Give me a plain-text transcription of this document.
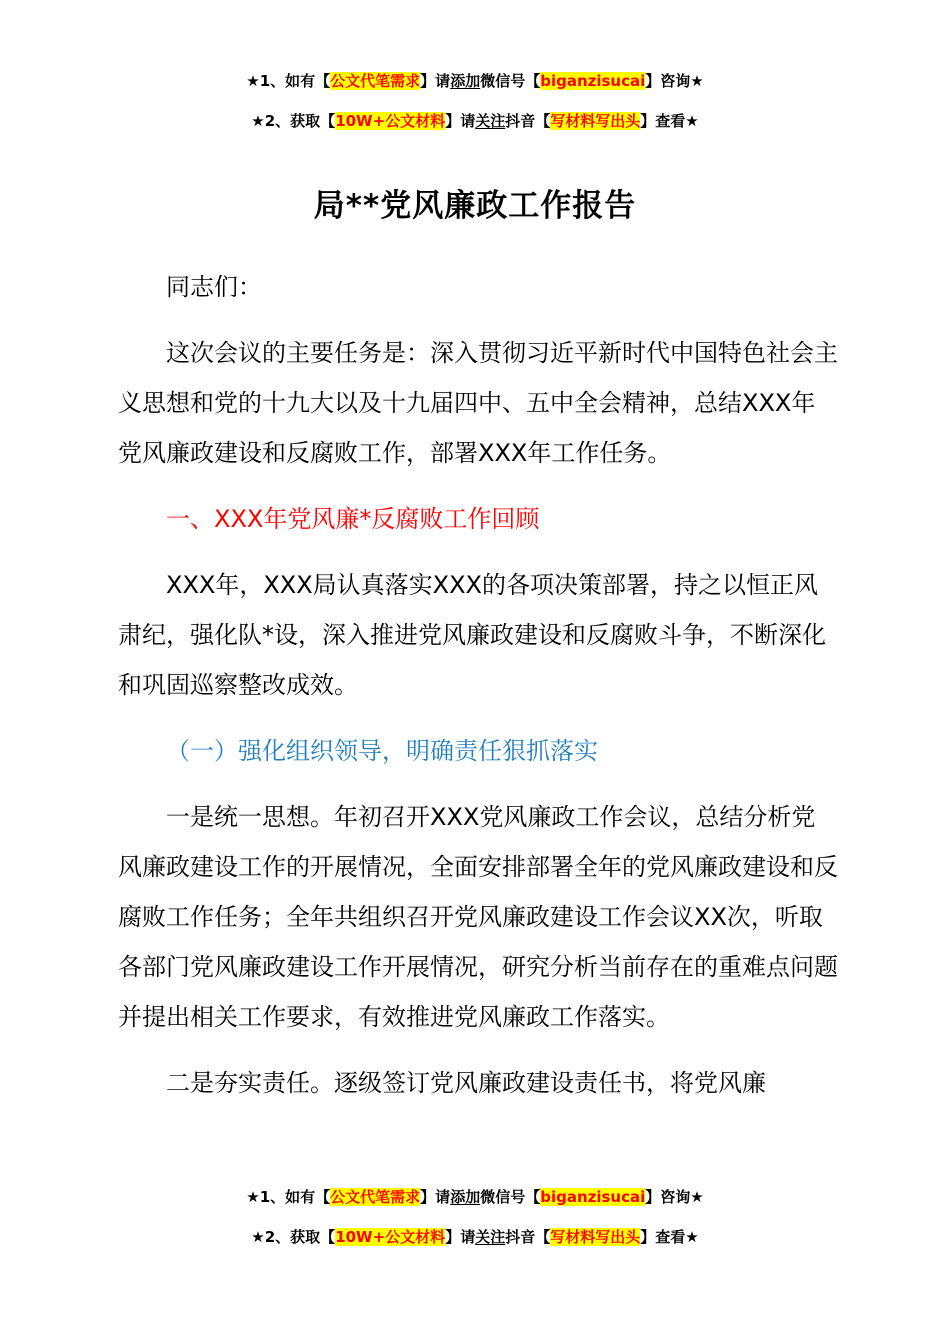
★1、如有【公文代笔需求】请添加微信号【biganzisucai】咨询★
★2、获取【10W+公文材料】请关注抖音【写材料写出头】查看★
局**党风廉政工作报告

同志们：

这次会议的主要任务是：深入贯彻习近平新时代中国特色社会主义思想和党的十九大以及十九届四中、五中全会精神，总结XXX年党风廉政建设和反腐败工作，部署XXX年工作任务。

一、XXX年党风廉*反腐败工作回顾

XXX年，XXX局认真落实XXX的各项决策部署，持之以恒正风肃纪，强化队*设，深入推进党风廉政建设和反腐败斗争，不断深化和巩固巡察整改成效。

（一）强化组织领导，明确责任狠抓落实

一是统一思想。年初召开XXX党风廉政工作会议，总结分析党风廉政建设工作的开展情况，全面安排部署全年的党风廉政建设和反腐败工作任务；全年共组织召开党风廉政建设工作会议XX次，听取各部门党风廉政建设工作开展情况，研究分析当前存在的重难点问题并提出相关工作要求，有效推进党风廉政工作落实。

二是夯实责任。逐级签订党风廉政建设责任书，将党风廉

★1、如有【公文代笔需求】请添加微信号【biganzisucai】咨询★
★2、获取【10W+公文材料】请关注抖音【写材料写出头】查看★
